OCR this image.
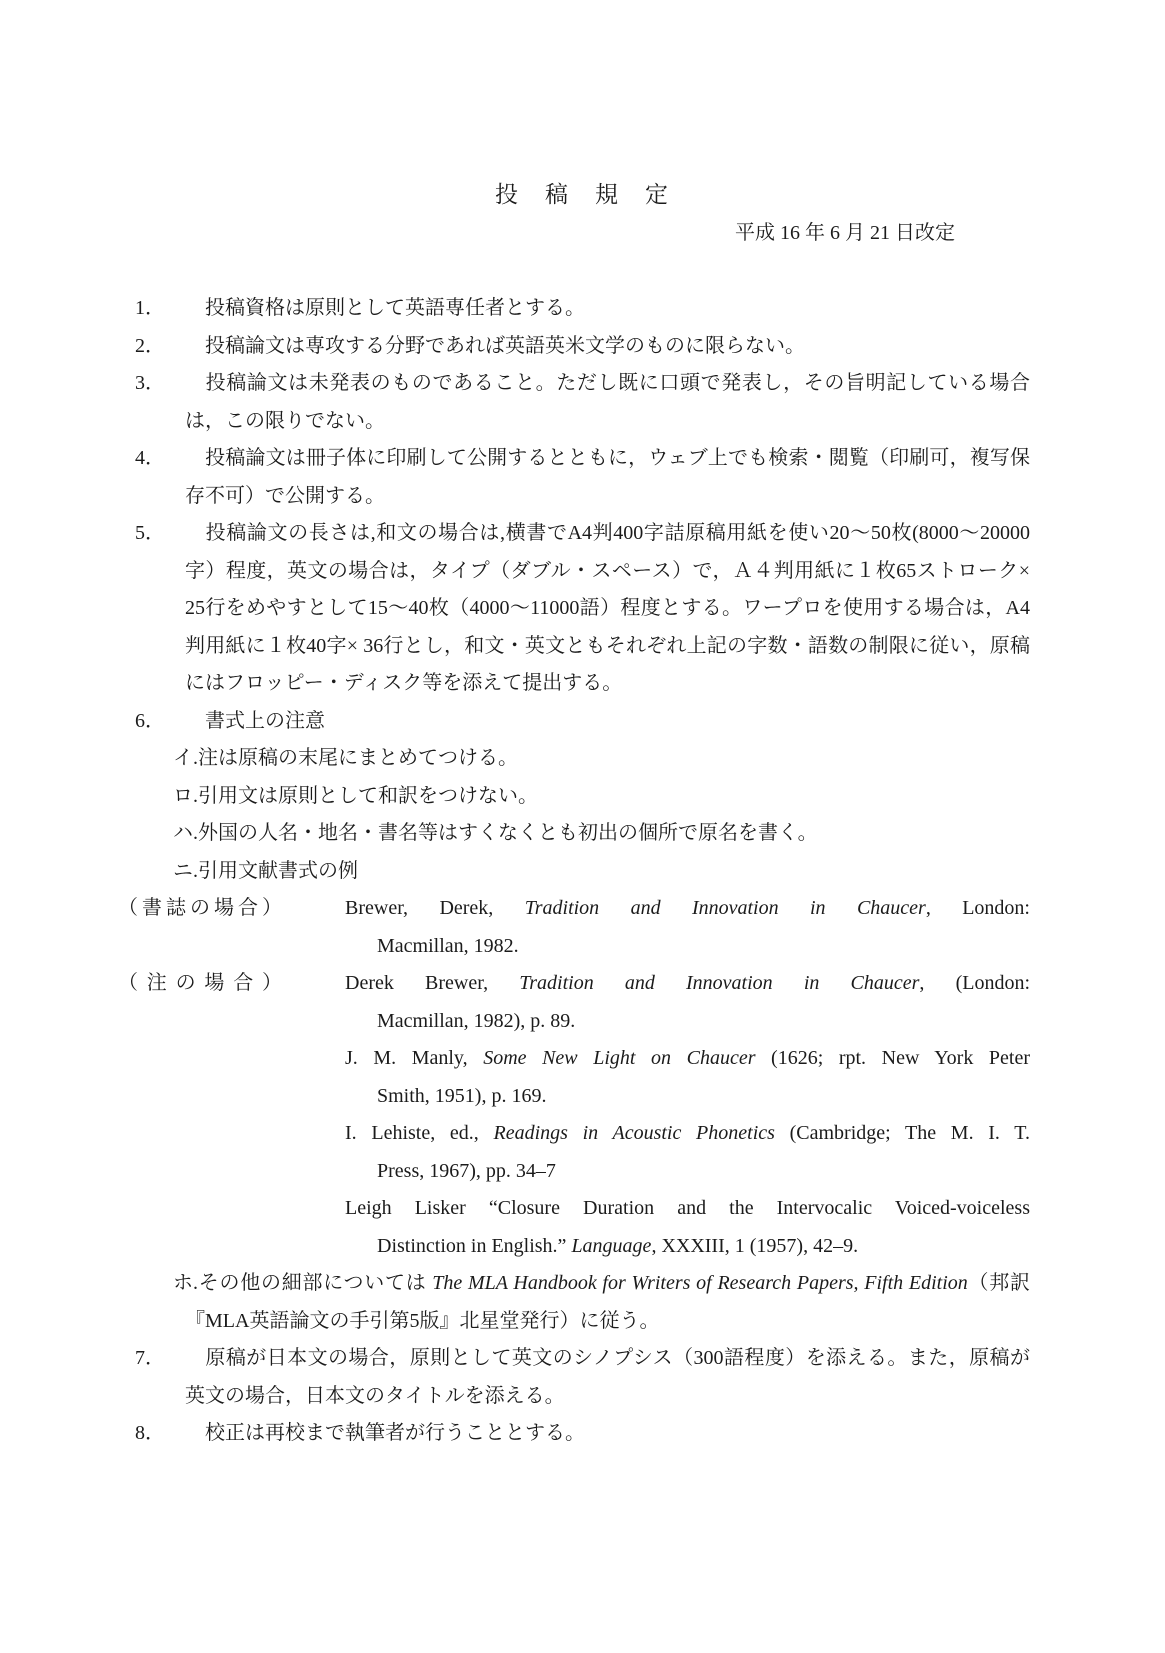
投　稿　規　定
平成 16 年 6 月 21 日改定
1． 投稿資格は原則として英語専任者とする。
2． 投稿論文は専攻する分野であれば英語英米文学のものに限らない。
3． 投稿論文は未発表のものであること。ただし既に口頭で発表し，その旨明記している場合は，この限りでない。
4． 投稿論文は冊子体に印刷して公開するとともに，ウェブ上でも検索・閲覧（印刷可，複写保存不可）で公開する。
5． 投稿論文の長さは,和文の場合は,横書でA4判400字詰原稿用紙を使い20～50枚(8000～20000字）程度，英文の場合は，タイプ（ダブル・スペース）で，Ａ４判用紙に１枚65ストローク× 25行をめやすとして15～40枚（4000～11000語）程度とする。ワープロを使用する場合は，A4判用紙に１枚40字× 36行とし，和文・英文ともそれぞれ上記の字数・語数の制限に従い，原稿にはフロッピー・ディスク等を添えて提出する。
6． 書式上の注意
イ.注は原稿の末尾にまとめてつける。
ロ.引用文は原則として和訳をつけない。
ハ.外国の人名・地名・書名等はすくなくとも初出の個所で原名を書く。
ニ.引用文献書式の例
（書誌の場合）	Brewer, Derek, Tradition and Innovation in Chaucer, London:
Macmillan, 1982.
（注の場合）	Derek Brewer, Tradition and Innovation in Chaucer, (London:
Macmillan, 1982), p. 89.
J. M. Manly, Some New Light on Chaucer (1626; rpt. New York Peter
Smith, 1951), p. 169.
I. Lehiste, ed., Readings in Acoustic Phonetics (Cambridge; The M. I. T.
Press, 1967), pp. 34–7
Leigh Lisker “Closure Duration and the Intervocalic Voiced-voiceless
Distinction in English.” Language, XXXIII, 1 (1957), 42–9.
ホ.その他の細部については The MLA Handbook for Writers of Research Papers, Fifth Edition（邦訳『MLA英語論文の手引第5版』北星堂発行）に従う。
7． 原稿が日本文の場合，原則として英文のシノプシス（300語程度）を添える。また，原稿が英文の場合，日本文のタイトルを添える。
8． 校正は再校まで執筆者が行うこととする。
